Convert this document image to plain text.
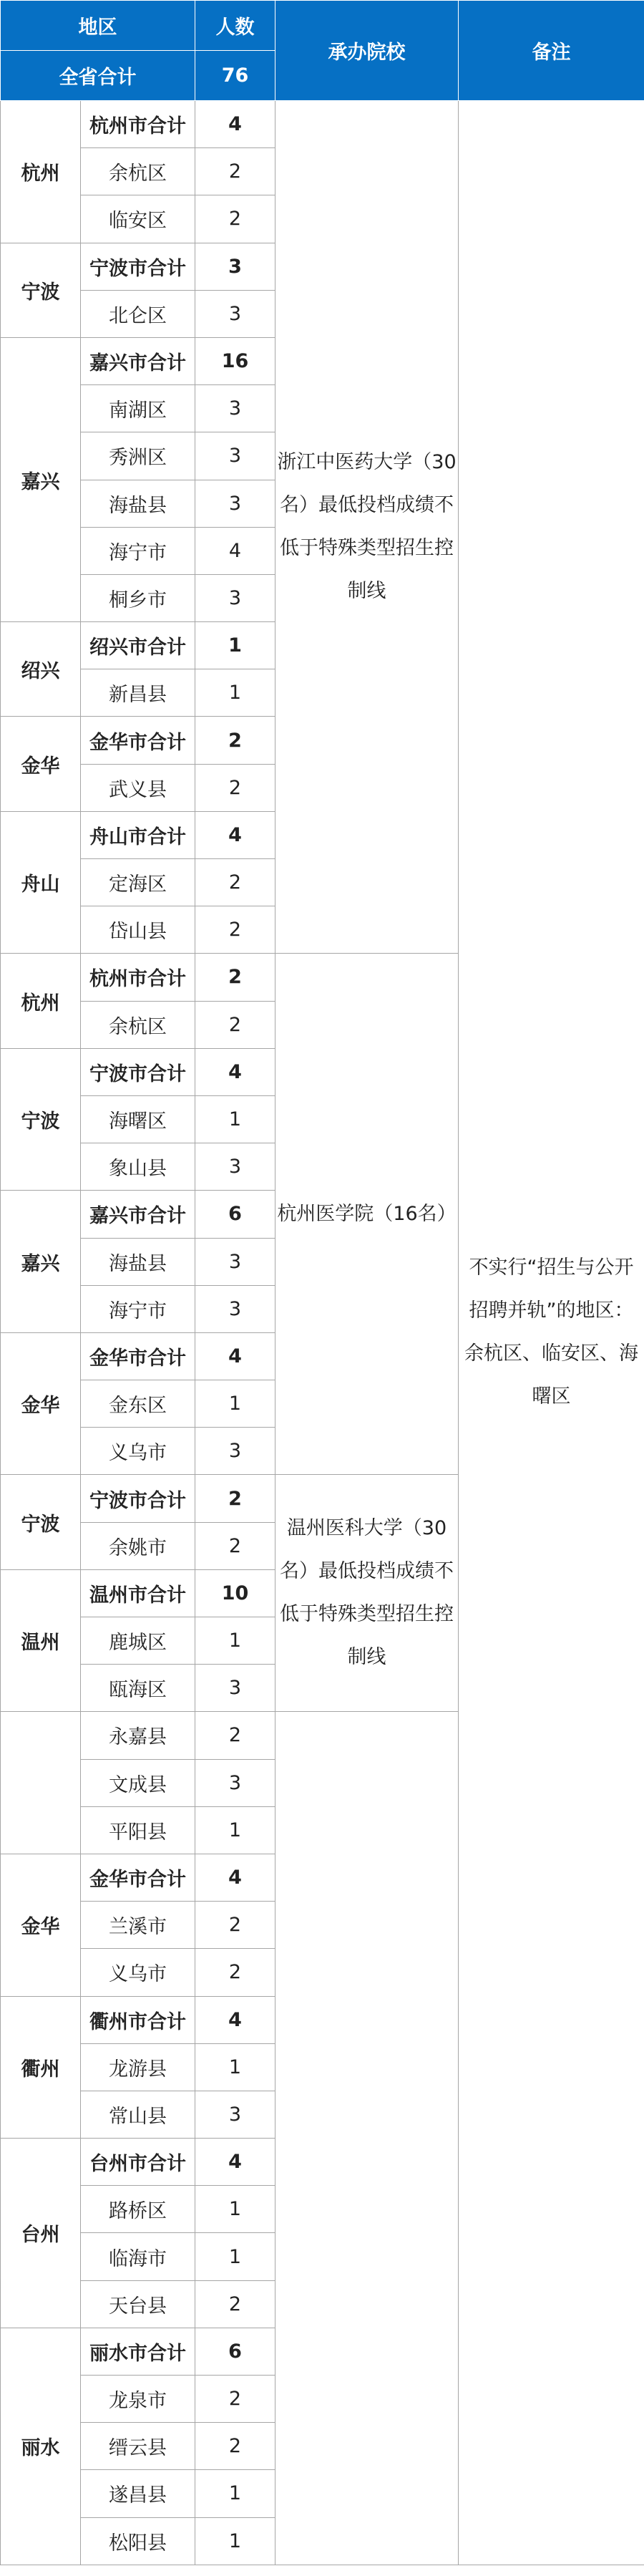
地区		人数	承办院校	备注
全省合计		76		
杭州	杭州市合计	4	浙江中医药大学（30名）最低投档成绩不低于特殊类型招生控制线	不实行“招生与公开招聘并轨”的地区：余杭区、临安区、海曙区

	余杭区	2		
	临安区	2		
宁波	宁波市合计	3		
	北仑区	3		
嘉兴	嘉兴市合计	16		
	南湖区	3		
	秀洲区	3		
	海盐县	3		
	海宁市	4		
	桐乡市	3		
绍兴	绍兴市合计	1		
	新昌县	1		
金华	金华市合计	2		
	武义县	2		
舟山	舟山市合计	4		
	定海区	2		
	岱山县	2		
杭州	杭州市合计	2	杭州医学院（16名）	

	余杭区	2		
宁波	宁波市合计	4		
	海曙区	1		
	象山县	3		
嘉兴	嘉兴市合计	6		
	海盐县	3		
	海宁市	3		
金华	金华市合计	4		
	金东区	1		
	义乌市	3		
宁波	宁波市合计	2	温州医科大学（30名）最低投档成绩不低于特殊类型招生控制线	

	余姚市	2		
温州	温州市合计	10		
	鹿城区	1		
	瓯海区	3		
	永嘉县	2		
	文成县	3		
	平阳县	1		
金华	金华市合计	4		
	兰溪市	2		
	义乌市	2		
衢州	衢州市合计	4		
	龙游县	1		
	常山县	3		
台州	台州市合计	4		
	路桥区	1		
	临海市	1		
	天台县	2		
丽水	丽水市合计	6		
	龙泉市	2		
	缙云县	2		
	遂昌县	1		
	松阳县	1		
